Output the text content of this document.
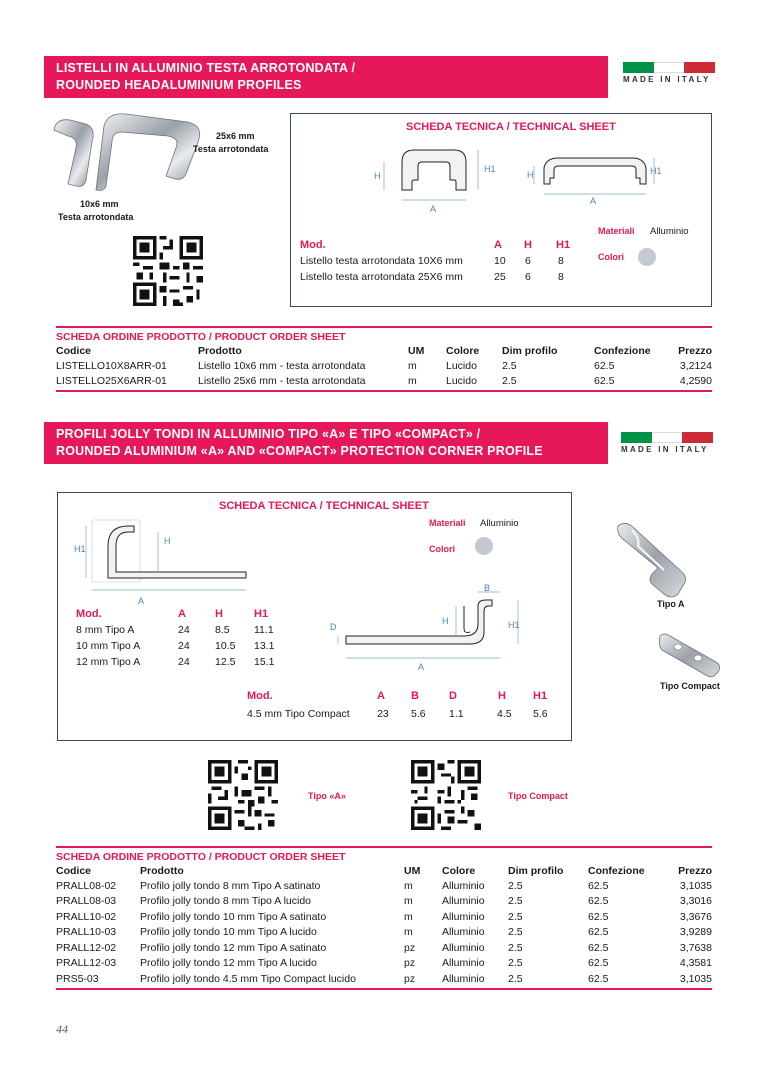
LISTELLI IN ALLUMINIO TESTA ARROTONDATA /
ROUNDED HEADALUMINIUM PROFILES	MADE IN ITALY
25x6 mm
Testa arrotondata
10x6 mm
Testa arrotondata
SCHEDA TECNICA / TECHNICAL SHEET
H
H1
A
H	H1
A
Materiali Alluminio
Colori
Mod.	A H H1
Listello testa arrotondata 10X6 mm	10 6	8
Listello testa arrotondata 25X6 mm	25 6	8
SCHEDA ORDINE PRODOTTO / PRODUCT ORDER SHEET
Codice	Prodotto	UM	Colore	Dim profilo	Confezione	Prezzo
LISTELLO10X8ARR-01	Listello 10x6 mm - testa arrotondata	m	Lucido	2.5	62.5	3,2124
LISTELLO25X6ARR-01	Listello 25x6 mm - testa arrotondata	m	Lucido	2.5	62.5	4,2590
PROFILI JOLLY TONDI IN ALLUMINIO TIPO «A» E TIPO «COMPACT» /
ROUNDED ALUMINIUM «A» AND «COMPACT» PROTECTION CORNER PROFILE	MADE IN ITALY
SCHEDA TECNICA / TECHNICAL SHEET
H1
H
A
B
H1
H
D
A
Materiali Alluminio
Colori
Mod.	A	H	H1
8 mm Tipo A	24 8.5 11.1
10 mm Tipo A	24 10.5 13.1
12 mm Tipo A	24 12.5 15.1
Mod.	A B	D	H H1
4.5 mm Tipo Compact	23 5.6 1.1	4.5 5.6
Tipo A
Tipo Compact
Tipo «A»	Tipo Compact
SCHEDA ORDINE PRODOTTO / PRODUCT ORDER SHEET
Codice	Prodotto	UM	Colore	Dim profilo	Confezione	Prezzo
PRALL08-02	Profilo jolly tondo 8 mm Tipo A satinato	m	Alluminio	2.5	62.5	3,1035
PRALL08-03	Profilo jolly tondo 8 mm Tipo A lucido	m	Alluminio	2.5	62.5	3,3016
PRALL10-02	Profilo jolly tondo 10 mm Tipo A satinato	m	Alluminio	2.5	62.5	3,3676
PRALL10-03	Profilo jolly tondo 10 mm Tipo A lucido	m	Alluminio	2.5	62.5	3,9289
PRALL12-02	Profilo jolly tondo 12 mm Tipo A satinato	pz	Alluminio	2.5	62.5	3,7638
PRALL12-03	Profilo jolly tondo 12 mm Tipo A lucido	pz	Alluminio	2.5	62.5	4,3581
PRS5-03	Profilo jolly tondo 4.5 mm Tipo Compact lucido	pz	Alluminio	2.5	62.5	3,1035
44
